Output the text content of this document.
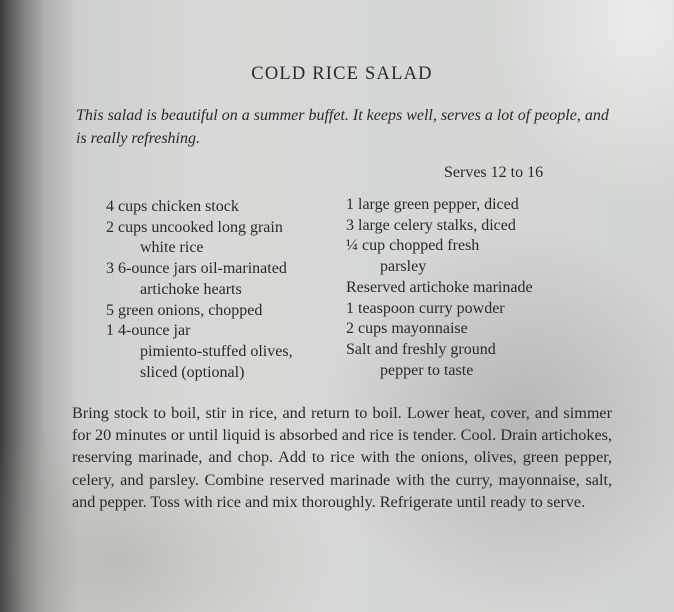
COLD RICE SALAD
This salad is beautiful on a summer buffet. It keeps well, serves a lot of people, and is really refreshing.
Serves 12 to 16
4 cups chicken stock
2 cups uncooked long grain
white rice
3 6-ounce jars oil-marinated
artichoke hearts
5 green onions, chopped
1 4-ounce jar
pimiento-stuffed olives,
sliced (optional)
1 large green pepper, diced
3 large celery stalks, diced
¼ cup chopped fresh
parsley
Reserved artichoke marinade
1 teaspoon curry powder
2 cups mayonnaise
Salt and freshly ground
pepper to taste
Bring stock to boil, stir in rice, and return to boil. Lower heat, cover, and simmer for 20 minutes or until liquid is absorbed and rice is tender. Cool. Drain artichokes, reserving marinade, and chop. Add to rice with the onions, olives, green pepper, celery, and parsley. Combine reserved marinade with the curry, mayonnaise, salt, and pepper. Toss with rice and mix thoroughly. Refrigerate until ready to serve.
